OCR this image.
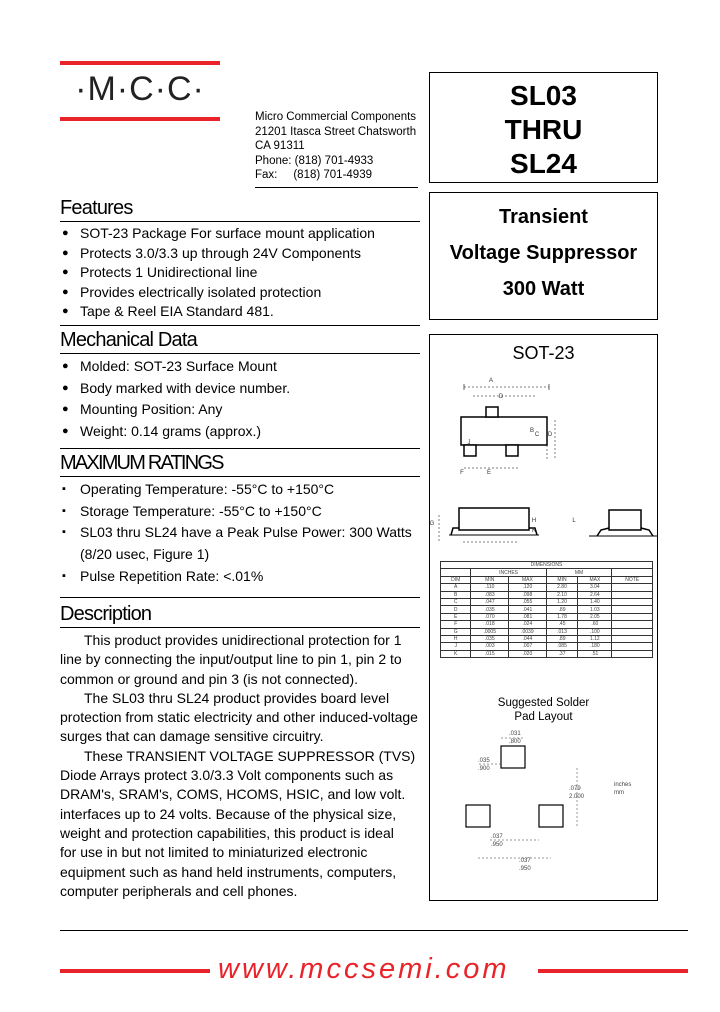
·M·C·C·
Micro Commercial Components
21201 Itasca Street Chatsworth
CA 91311
Phone: (818) 701-4933
Fax:     (818) 701-4939
SL03
THRU
SL24
Transient
Voltage Suppressor
300 Watt
Features
● SOT-23 Package For surface mount application
● Protects 3.0/3.3 up through 24V Components
● Protects 1 Unidirectional line
● Provides electrically isolated protection
● Tape & Reel EIA Standard 481.
Mechanical Data
● Molded: SOT-23 Surface Mount
● Body marked with device number.
● Mounting Position: Any
● Weight: 0.14 grams (approx.)
MAXIMUM RATINGS
▪ Operating Temperature: -55°C to +150°C
▪ Storage Temperature: -55°C to +150°C
▪ SL03 thru SL24 have a Peak Pulse Power: 300 Watts
(8/20 usec, Figure 1)
▪ Pulse Repetition Rate: <.01%
Description
This product provides unidirectional protection for 1
line by connecting the input/output line to pin 1, pin 2 to
common or ground and pin 3 (is not connected).
The SL03 thru SL24 product provides board level
protection from static electricity and other induced-voltage
surges that can damage sensitive circuitry.
These TRANSIENT VOLTAGE SUPPRESSOR (TVS)
Diode Arrays protect 3.0/3.3 Volt components such as
DRAM's, SRAM's, COMS, HCOMS, HSIC, and low volt.
interfaces up to 24 volts. Because of the physical size,
weight and protection capabilities, this product is ideal
for use in but not limited to miniaturized electronic
equipment such as hand held instruments, computers,
computer peripherals and cell phones.
SOT-23
A
D
B
C D
J
F	E
G	H
K
L
DIMENSIONS					
	INCHES		MM		
DIM	MIN	MAX	MIN	MAX	NOTE
A	.110	.120	2.80	3.04	
B	.083	.098	2.10	2.64	
C	.047	.055	1.20	1.40	
D	.035	.041	.89	1.03	
E	.070	.081	1.78	2.05	
F	.018	.024	.45	.60	
G	.0005	.0039	.013	.100	
H	.035	.044	.89	1.12	
J	.003	.007	.085	.180	
K	.015	.020	.37	.51	
Suggested Solder
Pad Layout
.031
.800
.035
.900
.079
2.000
.037
.950
.037
.950
inches
mm
www.mccsemi.com
